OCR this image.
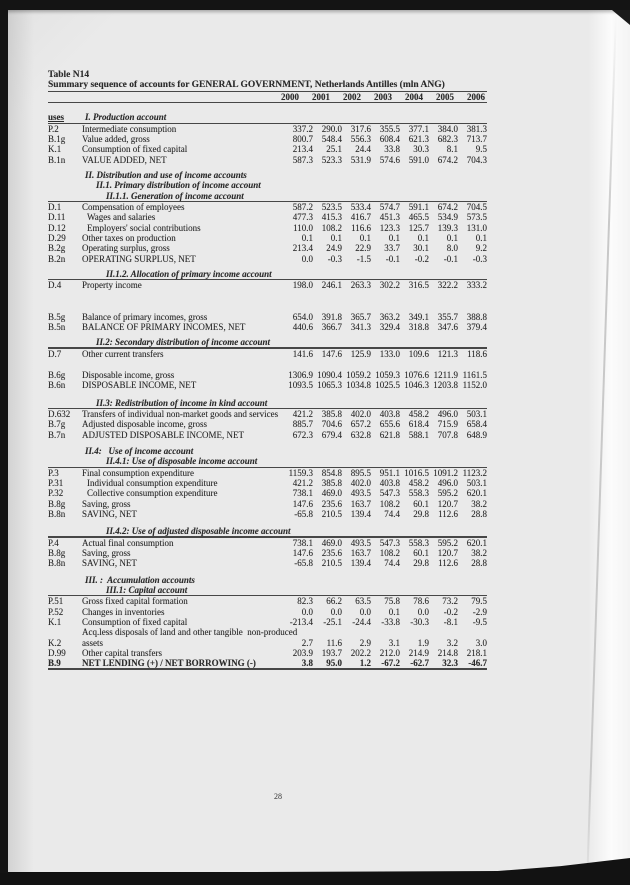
Table N14
Summary sequence of accounts for GENERAL GOVERNMENT, Netherlands Antilles (mln ANG)
2000	2001	2002	2003	2004	2005	2006
uses	I. Production account
P.2	Intermediate consumption	337.2 290.0 317.6 355.5 377.1 384.0 381.3
B.1g	Value added, gross	800.7 548.4 556.3 608.4 621.3 682.3 713.7
K.1	Consumption of fixed capital	213.4	25.1	24.4	33.8	30.3	8.1	9.5
B.1n	VALUE ADDED, NET	587.3 523.3 531.9 574.6 591.0 674.2 704.3
II. Distribution and use of income accounts
II.1. Primary distribution of income account
II.1.1. Generation of income account
D.1	Compensation of employees	587.2 523.5 533.4 574.7 591.1 674.2 704.5
D.11	Wages and salaries	477.3 415.3 416.7 451.3 465.5 534.9 573.5
D.12	Employers' social contributions	110.0 108.2	116.6 123.3 125.7 139.3 131.0
D.29	Other taxes on production	0.1	0.1	0.1	0.1	0.1	0.1	0.1
B.2g	Operating surplus, gross	213.4	24.9	22.9	33.7	30.1	8.0	9.2
B.2n	OPERATING SURPLUS, NET	0.0	-0.3	-1.5	-0.1	-0.2	-0.1	-0.3
II.1.2. Allocation of primary income account
D.4	Property income	198.0 246.1 263.3 302.2 316.5 322.2 333.2
B.5g	Balance of primary incomes, gross	654.0 391.8 365.7 363.2 349.1 355.7 388.8
B.5n	BALANCE OF PRIMARY INCOMES, NET	440.6 366.7 341.3 329.4 318.8 347.6 379.4
II.2: Secondary distribution of income account
D.7	Other current transfers	141.6 147.6 125.9 133.0 109.6 121.3	118.6
B.6g	Disposable income, gross	1306.9 1090.4 1059.2 1059.3 1076.6 1211.9 1161.5
B.6n	DISPOSABLE INCOME, NET	1093.5 1065.3 1034.8 1025.5 1046.3 1203.8 1152.0
II.3: Redistribution of income in kind account
D.632	Transfers of individual non-market goods and services	421.2 385.8 402.0 403.8 458.2 496.0 503.1
B.7g	Adjusted disposable income, gross	885.7 704.6 657.2 655.6 618.4 715.9 658.4
B.7n	ADJUSTED DISPOSABLE INCOME, NET	672.3 679.4 632.8 621.8 588.1 707.8 648.9
II.4:   Use of income account
II.4.1: Use of disposable income account
P.3	Final consumption expenditure	1159.3 854.8 895.5 951.1 1016.5 1091.2 1123.2
P.31	Individual consumption expenditure	421.2 385.8 402.0 403.8 458.2 496.0 503.1
P.32	Collective consumption expenditure	738.1 469.0 493.5 547.3 558.3 595.2 620.1
B.8g	Saving, gross	147.6 235.6 163.7 108.2	60.1 120.7	38.2
B.8n	SAVING, NET	-65.8 210.5 139.4	74.4	29.8	112.6	28.8
II.4.2: Use of adjusted disposable income account
P.4	Actual final consumption	738.1 469.0 493.5 547.3 558.3 595.2 620.1
B.8g	Saving, gross	147.6 235.6 163.7 108.2	60.1 120.7	38.2
B.8n	SAVING, NET	-65.8 210.5 139.4	74.4	29.8	112.6	28.8
III. :  Accumulation accounts
III.1: Capital account
P.51	Gross fixed capital formation	82.3	66.2	63.5	75.8	78.6	73.2	79.5
P.52	Changes in inventories	0.0	0.0	0.0	0.1	0.0	-0.2	-2.9
K.1	Consumption of fixed capital	-213.4	-25.1	-24.4	-33.8	-30.3	-8.1	-9.5
Acq.less disposals of land and other tangible  non-produced
K.2	assets	2.7	11.6	2.9	3.1	1.9	3.2	3.0
D.99	Other capital transfers	203.9 193.7 202.2 212.0 214.9 214.8 218.1
B.9	NET LENDING (+) / NET BORROWING (-)	3.8	95.0	1.2	-67.2	-62.7	32.3	-46.7
28
